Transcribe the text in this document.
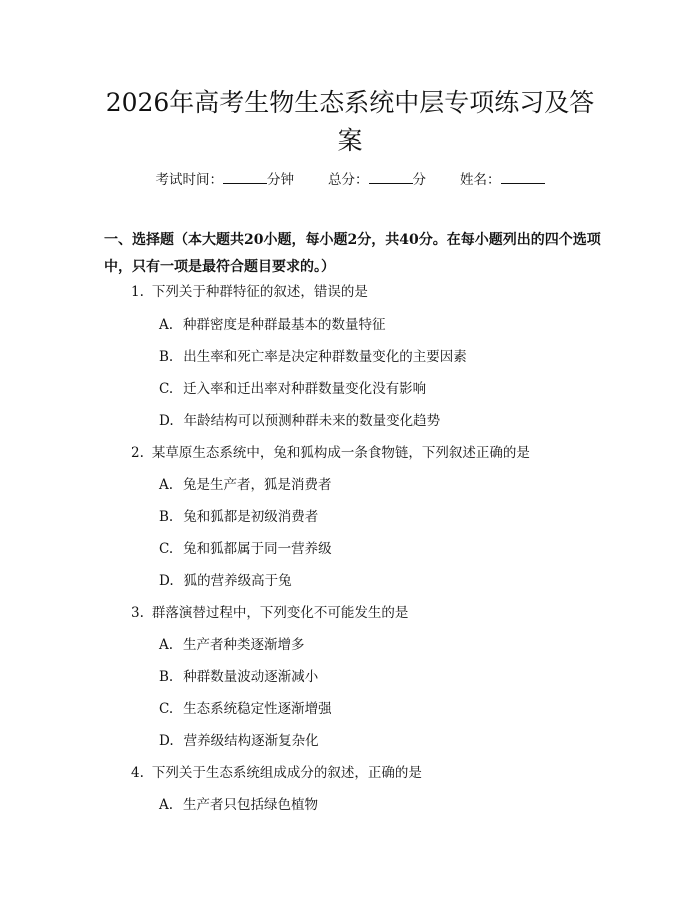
2026年高考生物生态系统中层专项练习及答案
考试时间：	分钟	总分：	分	姓名：
一、选择题（本大题共20小题，每小题2分，共40分。在每小题列出的四个选项中，只有一项是最符合题目要求的。）
1. 下列关于种群特征的叙述，错误的是
A. 种群密度是种群最基本的数量特征
B. 出生率和死亡率是决定种群数量变化的主要因素
C. 迁入率和迁出率对种群数量变化没有影响
D. 年龄结构可以预测种群未来的数量变化趋势
2. 某草原生态系统中，兔和狐构成一条食物链，下列叙述正确的是
A. 兔是生产者，狐是消费者
B. 兔和狐都是初级消费者
C. 兔和狐都属于同一营养级
D. 狐的营养级高于兔
3. 群落演替过程中，下列变化不可能发生的是
A. 生产者种类逐渐增多
B. 种群数量波动逐渐减小
C. 生态系统稳定性逐渐增强
D. 营养级结构逐渐复杂化
4. 下列关于生态系统组成成分的叙述，正确的是
A. 生产者只包括绿色植物
